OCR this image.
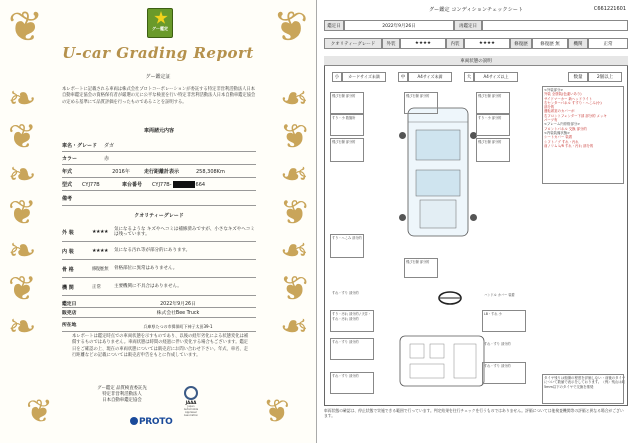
❦	❦
❧
❦
❧
❦
❧
❦
❧
❧
❦
❧
❦
❧
❦
❧
❦	❦
グー鑑定
U-car Grading Report
グー鑑定証
本レポートに記載される車両は株式会社プロトコーポレーションが委託する特定非営利活動法人日本自動車鑑定協会の資格保有者が厳選の元に公平な検査を行い特定非営利活動法人日本自動車鑑定協会の定める基準にて品質評価を行ったものであることを証明する。
車両諸元内容
車名・グレード ダガ
カラー	赤
年式	2016年	走行距離計表示	258,308Km
型式	CYJ77B	車台番号	CYJ77B-	664
備考
クオリティーグレード
外 装	★★★★	気になるような キズやヘコミは補修済みですが、小さなキズやヘコミは残っています。
内 装	★★★★	気になる汚れ等が部分的にあります。
骨 格	修復歴 無	骨格部位に異常はありません。
機 関	正 常	主要機関に不具合はありません。
鑑定日	2022年9月26日
販売店	株式会社Bee Truck
所在地	兵庫県たつの市揖保町下神子太田39-1
本レポートは鑑定時点での車両状態を示すものであり、以後の経年劣化による状態変化は補償するものではありません。車両状態は時間の経過に伴い変化する場合もございます。鑑定日をご確認の上、現在の車両状態については販売店にお問い合わせ下さい。年式、車名、走行距離などの記載については販売店申告をもとに作成しています。
グー鑑定 品質検査委託先
特定非営利活動法人
日本自動車鑑定協会	JAAA
Japan Automobile Appraiser Association
PROTO
グー鑑定 コンディションチェックシート	C661221601
鑑定日	2022年9月26日	再鑑定日
クオリティーグレード	外装	★★★★	内装	★★★★	修復歴	修復歴 無	機関	正常
車両状態の説明
小	カードサイズ未満	中	A4サイズ未満	大	A4サイズ以上	数量	2個以上
飛び石傷 部分的	飛び石傷 部分的	飛び石傷 部分的
すり・小 数箇所	すり・小 部分的
飛び石傷 部分的	飛び石傷 部分的
すり・へこみ 部分的
飛び石傷 部分的
ハンドル カバー 装着
すり・汚れ 部分的 / 天井・すれ・汚れ 部分的
LB・すれ 小
すれ・すり 部分的
すれ・すり 部分的
すれ・すり 部分的
すれ・すり 部分的
すれ・すり 部分的
<外装部分>
外装 全塗装(色違いあり)
サイドマーカー 新ヘッドライト
右センターパネル すすり・へこみ(小)
部分的
運転席窓のカバーが
右フロントフェンダー下部 部分的 メッキ
パーツ有
<フレーム内骨格部分>
フロントパネル 交換 部分的
<内装装備状態>
シートカバー 装着
シフトノブ すれ・汚れ
前 / リム L/R すれ・汚れ 部分的
タイヤ残りは損傷の程度を評価しない・前後のタイヤについて数値で表示をしております。（例）残山は約5mm以下のタイヤで交換を推奨
車両状態の確認は、停止状態で実施できる範囲で行っています。判定結果を往行チェックを行うものではありません。評価については他検査機関等の評価と異なる場合がございます。
